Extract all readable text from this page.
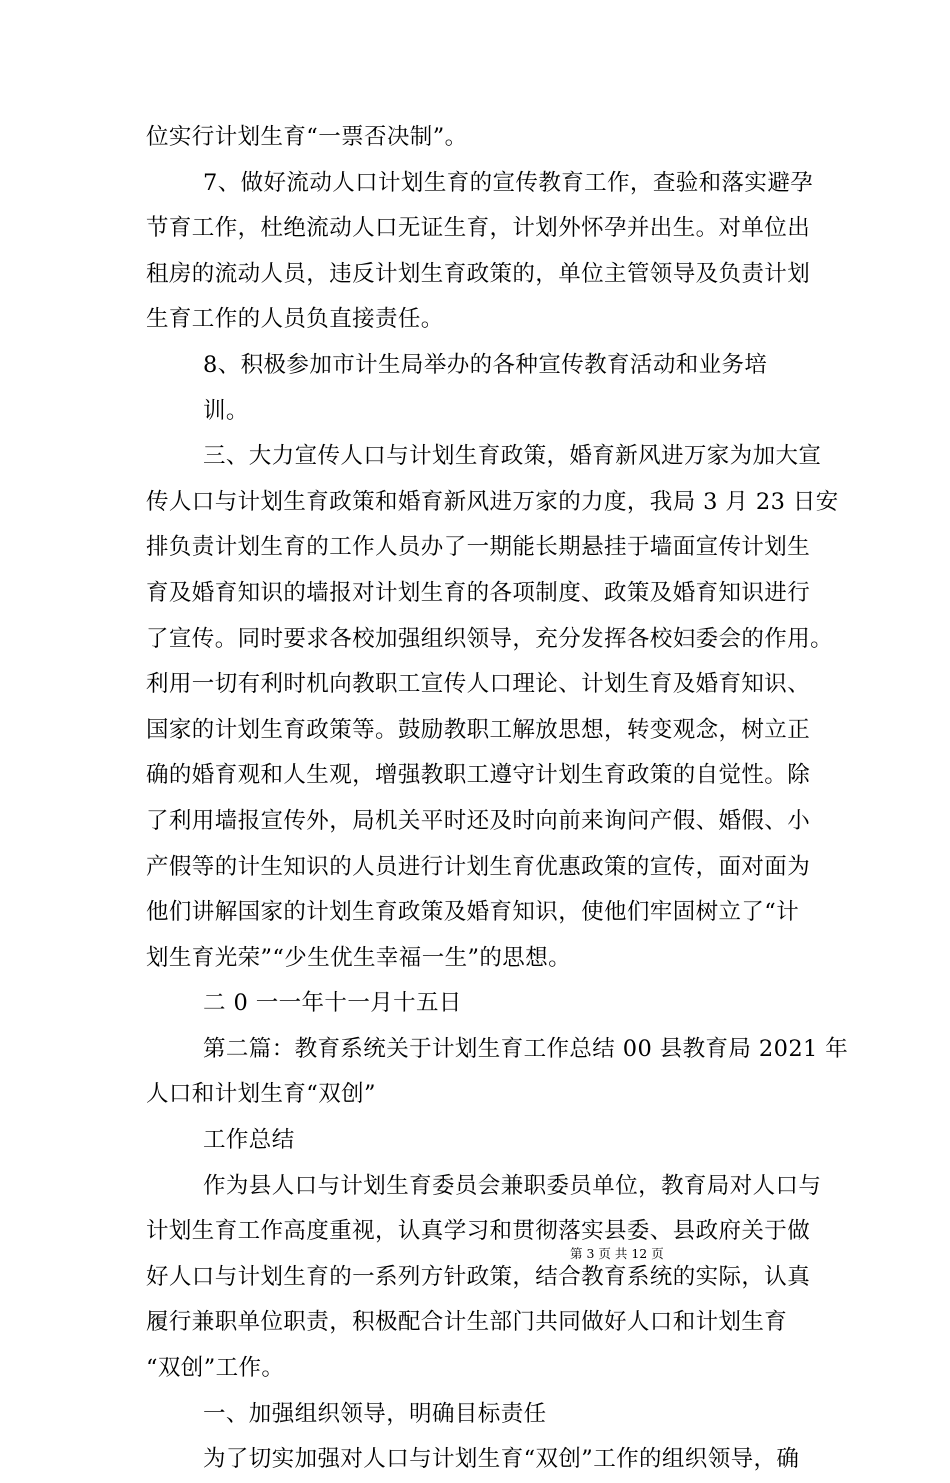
位实行计划生育“一票否决制”。
7、做好流动人口计划生育的宣传教育工作，查验和落实避孕
节育工作，杜绝流动人口无证生育，计划外怀孕并出生。对单位出
租房的流动人员，违反计划生育政策的，单位主管领导及负责计划
生育工作的人员负直接责任。
8、积极参加市计生局举办的各种宣传教育活动和业务培
训。
三、大力宣传人口与计划生育政策，婚育新风进万家为加大宣
传人口与计划生育政策和婚育新风进万家的力度，我局 3 月 23 日安
排负责计划生育的工作人员办了一期能长期悬挂于墙面宣传计划生
育及婚育知识的墙报对计划生育的各项制度、政策及婚育知识进行
了宣传。同时要求各校加强组织领导，充分发挥各校妇委会的作用。
利用一切有利时机向教职工宣传人口理论、计划生育及婚育知识、
国家的计划生育政策等。鼓励教职工解放思想，转变观念，树立正
确的婚育观和人生观，增强教职工遵守计划生育政策的自觉性。除
了利用墙报宣传外，局机关平时还及时向前来询问产假、婚假、小
产假等的计生知识的人员进行计划生育优惠政策的宣传，面对面为
他们讲解国家的计划生育政策及婚育知识，使他们牢固树立了“计
划生育光荣”“少生优生幸福一生”的思想。
二 0 一一年十一月十五日
第二篇：教育系统关于计划生育工作总结 00 县教育局 2021 年
人口和计划生育“双创”
工作总结
作为县人口与计划生育委员会兼职委员单位，教育局对人口与
计划生育工作高度重视，认真学习和贯彻落实县委、县政府关于做
好人口与计划生育的一系列方针政策，结合教育系统的实际，认真
履行兼职单位职责，积极配合计生部门共同做好人口和计划生育
“双创”工作。
一、加强组织领导，明确目标责任
为了切实加强对人口与计划生育“双创”工作的组织领导，确
第 3 页 共 12 页
